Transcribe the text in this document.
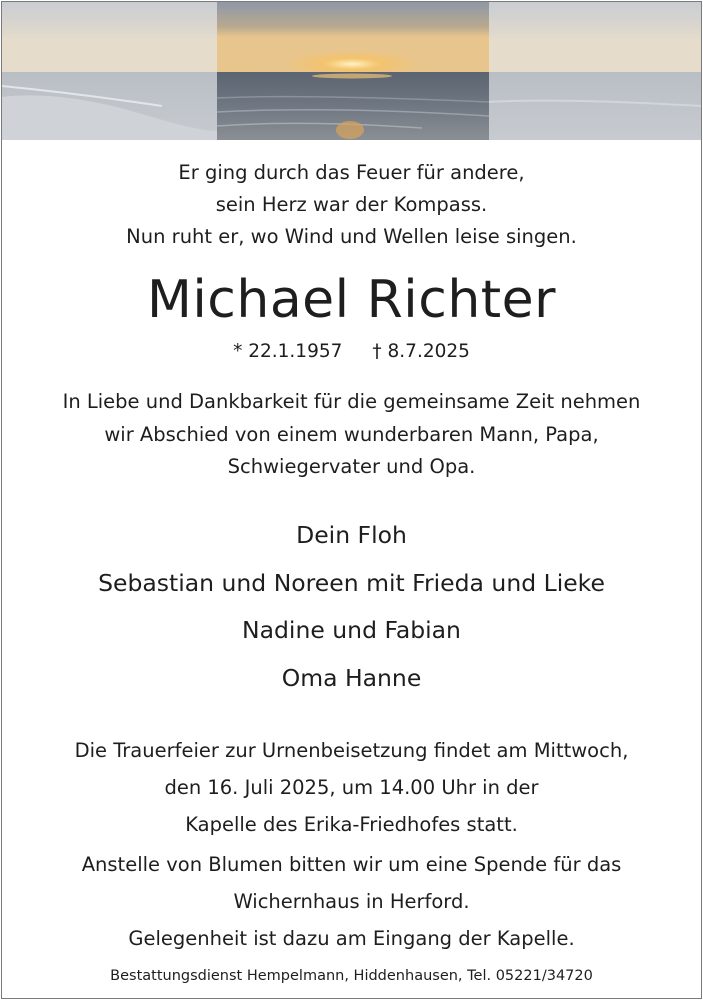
Er ging durch das Feuer für andere,
sein Herz war der Kompass.
Nun ruht er, wo Wind und Wellen leise singen.
Michael Richter
* 22.1.1957 † 8.7.2025
In Liebe und Dankbarkeit für die gemeinsame Zeit nehmen
wir Abschied von einem wunderbaren Mann, Papa,
Schwiegervater und Opa.
Dein Floh
Sebastian und Noreen mit Frieda und Lieke
Nadine und Fabian
Oma Hanne
Die Trauerfeier zur Urnenbeisetzung findet am Mittwoch,
den 16. Juli 2025, um 14.00 Uhr in der
Kapelle des Erika-Friedhofes statt.
Anstelle von Blumen bitten wir um eine Spende für das
Wichernhaus in Herford.
Gelegenheit ist dazu am Eingang der Kapelle.
Bestattungsdienst Hempelmann, Hiddenhausen, Tel. 05221/34720
